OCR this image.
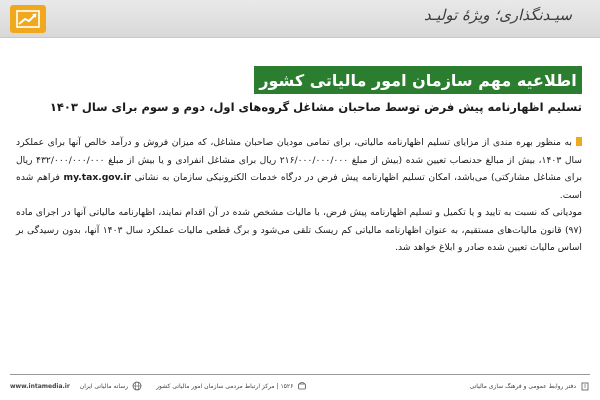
سیـدنگذاری؛ ویژهٔ تولیـد
اطلاعیه مهم سازمان امور مالیاتی کشور
تسلیم اظهارنامه پیش فرض توسط صاحبان مشاغل گروه‌های اول، دوم و سوم برای سال ۱۴۰۳

به منظور بهره مندی از مزایای تسلیم اظهارنامه مالیاتی، برای تمامی مودیان صاحبان مشاغل، که میزان فروش و درآمد خالص آنها برای عملکرد سال ۱۴۰۳، بیش از مبالغ حدنصاب تعیین شده (بیش از مبلغ ۲۱۶/۰۰۰/۰۰۰/۰۰۰ ریال برای مشاغل انفرادی و یا بیش از مبلغ ۴۳۲/۰۰۰/۰۰۰/۰۰۰ ریال برای مشاغل مشارکتی) می‌باشد، امکان تسلیم اظهارنامه پیش فرض در درگاه خدمات الکترونیکی سازمان به نشانی my.tax.gov.ir فراهم شده است.

مودیانی که نسبت به تایید و یا تکمیل و تسلیم اظهارنامه پیش فرض، با مالیات مشخص شده در آن اقدام نمایند، اظهارنامه مالیاتی آنها در اجرای ماده (۹۷) قانون مالیات‌های مستقیم، به عنوان اظهارنامه مالیاتی کم ریسک تلقی می‌شود و برگ قطعی مالیات عملکرد سال ۱۴۰۳ آنها، بدون رسیدگی بر اساس مالیات تعیین شده صادر و ابلاغ خواهد شد.

رسانه مالیاتی ایران
www.intamedia.ir	۱۵۲۶ | مرکز ارتباط مردمی سازمان امور مالیاتی کشور	دفتر روابط عمومی و فرهنگ سازی مالیاتی
